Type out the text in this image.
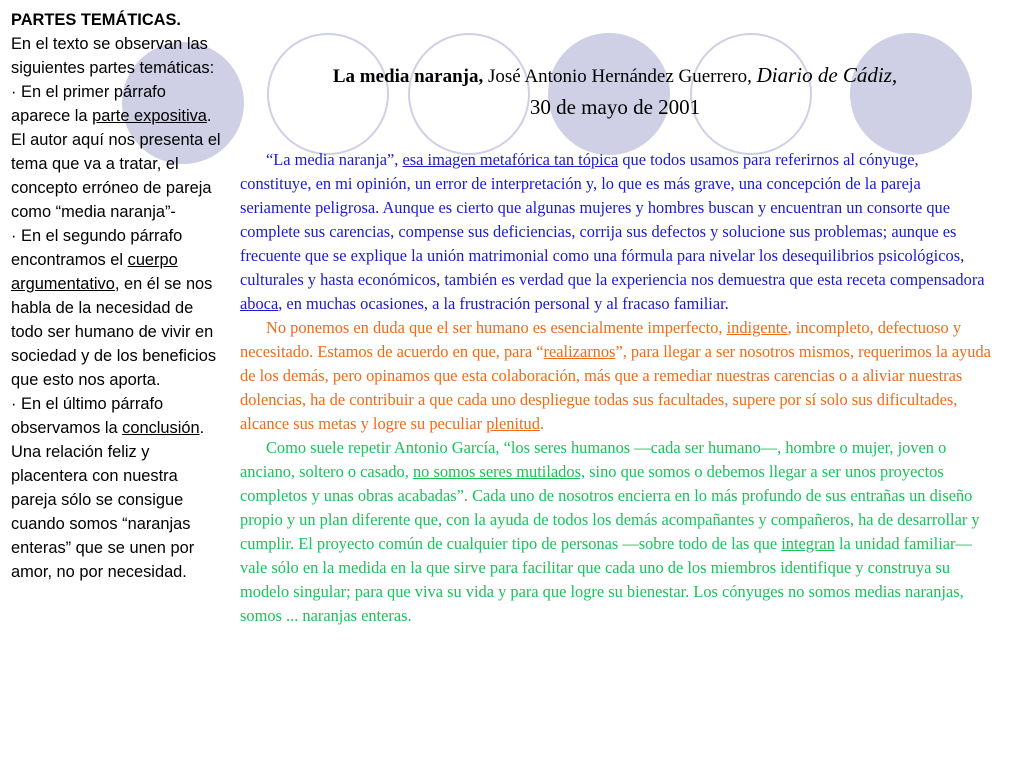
PARTES TEMÁTICAS.

En el texto se observan las siguientes partes temáticas:

· En el primer párrafo aparece la parte expositiva. El autor aquí nos presenta el tema que va a tratar, el concepto erróneo de pareja como “media naranja”-

· En el segundo párrafo encontramos el cuerpo argumentativo, en él se nos habla de la necesidad de todo ser humano de vivir en sociedad y de los beneficios que esto nos aporta.

· En el último párrafo observamos la conclusión. Una relación feliz y placentera con nuestra pareja sólo se consigue cuando somos “naranjas enteras” que se unen por amor, no por necesidad.

La media naranja, José Antonio Hernández Guerrero, Diario de Cádiz,
30 de mayo de 2001

“La media naranja”, esa imagen metafórica tan tópica que todos usamos para referirnos al cónyuge, constituye, en mi opinión, un error de interpretación y, lo que es más grave, una concepción de la pareja seriamente peligrosa. Aunque es cierto que algunas mujeres y hombres buscan y encuentran un consorte que complete sus carencias, compense sus deficiencias, corrija sus defectos y solucione sus problemas; aunque es frecuente que se explique la unión matrimonial como una fórmula para nivelar los desequilibrios psicológicos, culturales y hasta económicos, también es verdad que la experiencia nos demuestra que esta receta compensadora aboca, en muchas ocasiones, a la frustración personal y al fracaso familiar.

No ponemos en duda que el ser humano es esencialmente imperfecto, indigente, incompleto, defectuoso y necesitado. Estamos de acuerdo en que, para “realizarnos”, para llegar a ser nosotros mismos, requerimos la ayuda de los demás, pero opinamos que esta colaboración, más que a remediar nuestras carencias o a aliviar nuestras dolencias, ha de contribuir a que cada uno despliegue todas sus facultades, supere por sí solo sus dificultades, alcance sus metas y logre su peculiar plenitud.

Como suele repetir Antonio García, “los seres humanos —cada ser humano—, hombre o mujer, joven o anciano, soltero o casado, no somos seres mutilados, sino que somos o debemos llegar a ser unos proyectos completos y unas obras acabadas”. Cada uno de nosotros encierra en lo más profundo de sus entrañas un diseño propio y un plan diferente que, con la ayuda de todos los demás acompañantes y compañeros, ha de desarrollar y cumplir. El proyecto común de cualquier tipo de personas —sobre todo de las que integran la unidad familiar— vale sólo en la medida en la que sirve para facilitar que cada uno de los miembros identifique y construya su modelo singular; para que viva su vida y para que logre su bienestar. Los cónyuges no somos medias naranjas, somos ... naranjas enteras.
